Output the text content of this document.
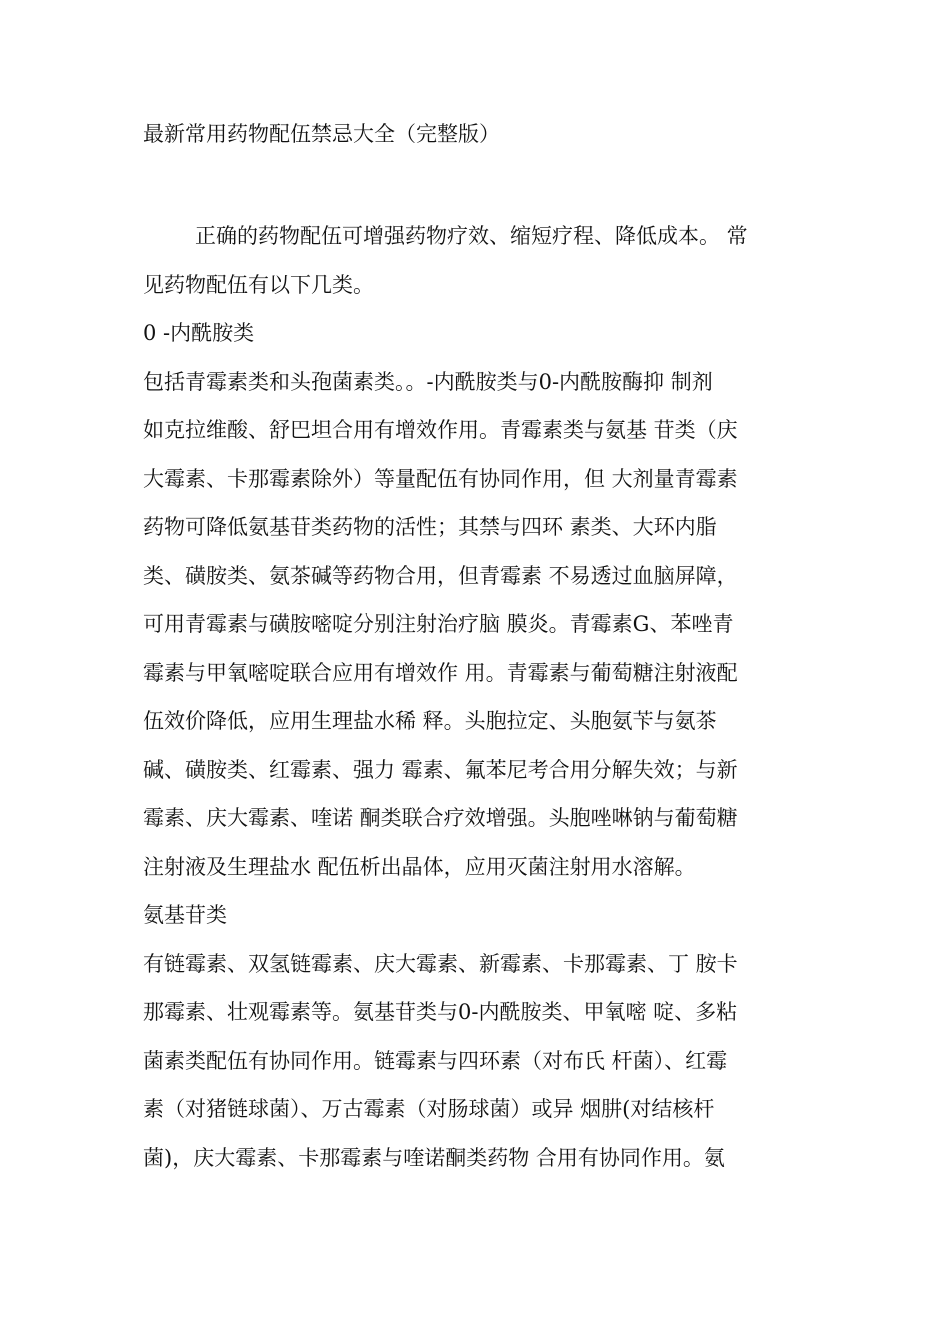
最新常用药物配伍禁忌大全（完整版）
正确的药物配伍可增强药物疗效、缩短疗程、降低成本。 常
见药物配伍有以下几类。
0 -内酰胺类
包括青霉素类和头孢菌素类。。-内酰胺类与0-内酰胺酶抑 制剂
如克拉维酸、舒巴坦合用有增效作用。青霉素类与氨基 苷类（庆
大霉素、卡那霉素除外）等量配伍有协同作用，但 大剂量青霉素
药物可降低氨基苷类药物的活性；其禁与四环 素类、大环内脂
类、磺胺类、氨茶碱等药物合用，但青霉素 不易透过血脑屏障，
可用青霉素与磺胺嘧啶分别注射治疗脑 膜炎。青霉素G、苯唑青
霉素与甲氧嘧啶联合应用有增效作 用。青霉素与葡萄糖注射液配
伍效价降低，应用生理盐水稀 释。头胞拉定、头胞氨苄与氨茶
碱、磺胺类、红霉素、强力 霉素、氟苯尼考合用分解失效；与新
霉素、庆大霉素、喹诺 酮类联合疗效增强。头胞唑啉钠与葡萄糖
注射液及生理盐水 配伍析出晶体，应用灭菌注射用水溶解。
氨基苷类
有链霉素、双氢链霉素、庆大霉素、新霉素、卡那霉素、丁 胺卡
那霉素、壮观霉素等。氨基苷类与0-内酰胺类、甲氧嘧 啶、多粘
菌素类配伍有协同作用。链霉素与四环素（对布氏 杆菌）、红霉
素（对猪链球菌）、万古霉素（对肠球菌）或异 烟肼(对结核杆
菌)，庆大霉素、卡那霉素与喹诺酮类药物 合用有协同作用。氨
